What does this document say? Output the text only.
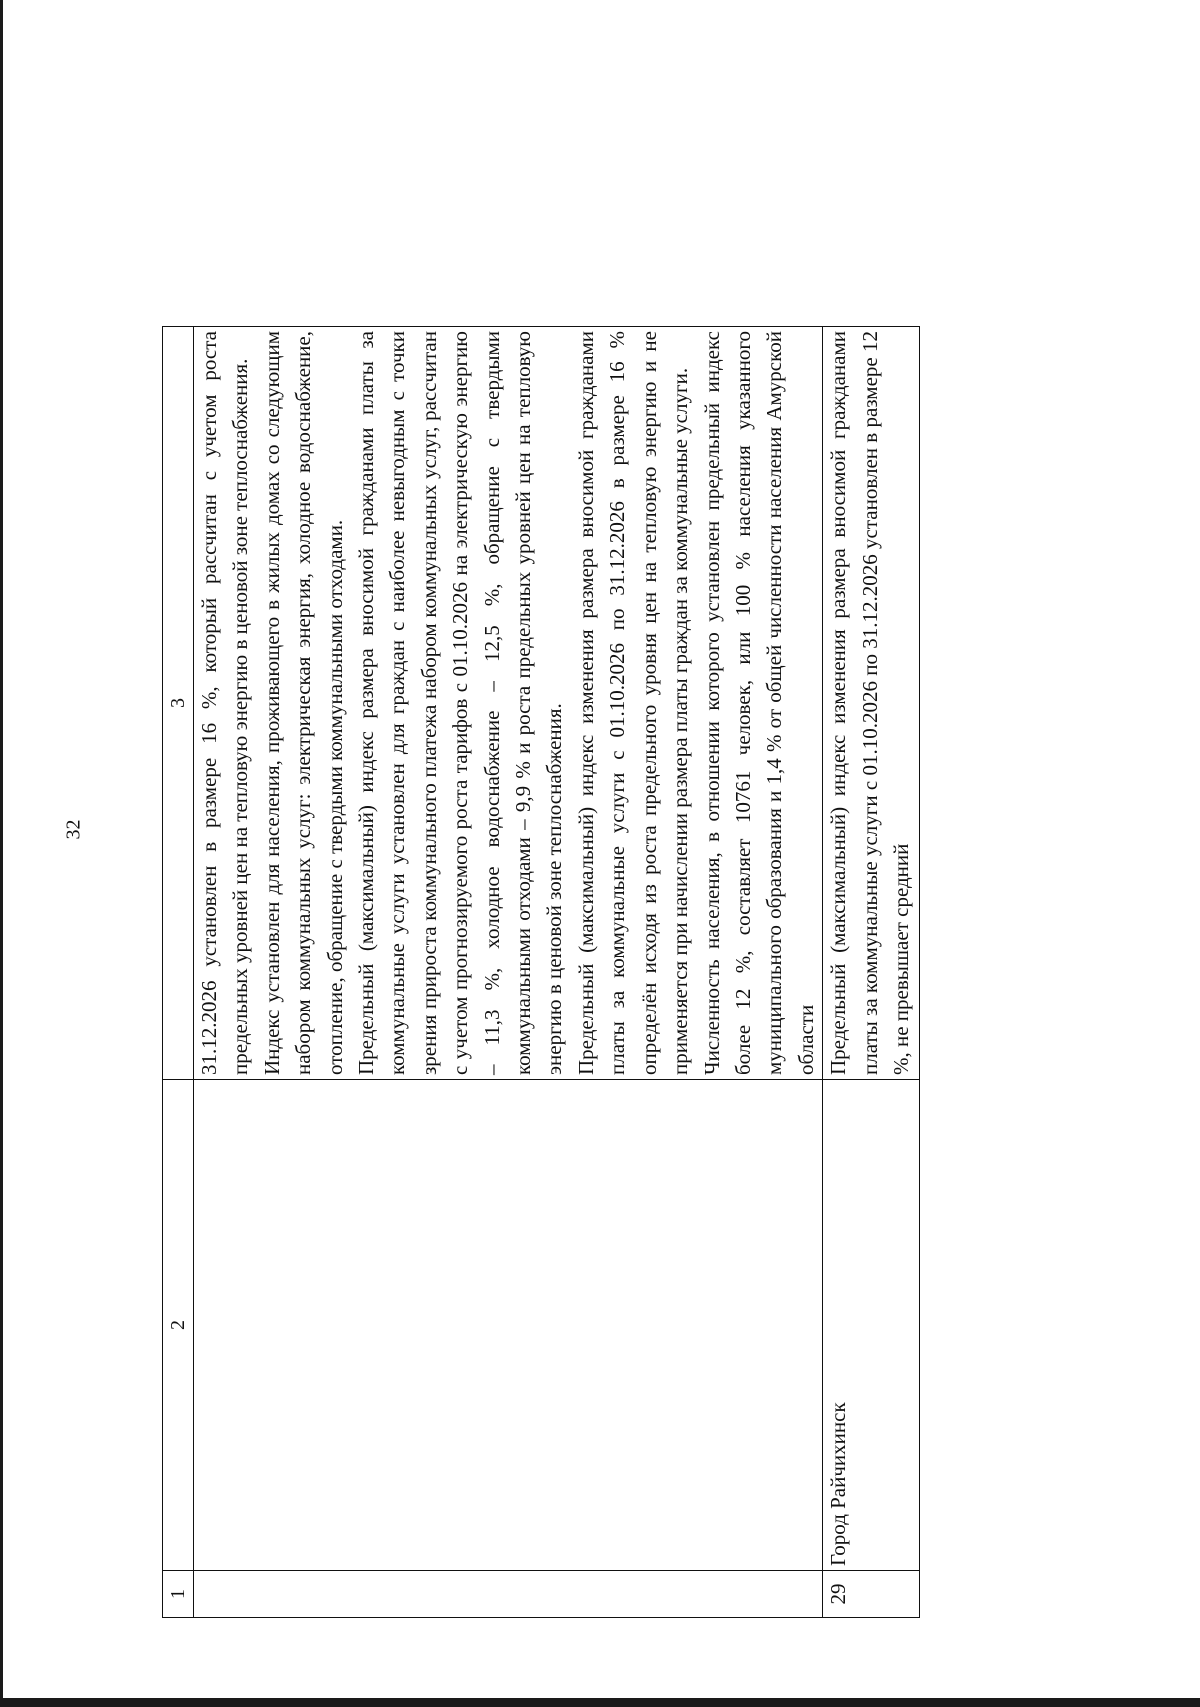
32
1	2	3

		31.12.2026 установлен в размере 16 %, который рассчитан с учетом роста предельных уровней цен на тепловую энергию в ценовой зоне теплоснабжения. Индекс установлен для населения, проживающего в жилых домах со следующим набором коммунальных услуг: электрическая энергия, холодное водоснабжение, отопление, обращение с твердыми коммунальными отходами. Предельный (максимальный) индекс размера вносимой гражданами платы за коммунальные услуги установлен для граждан с наиболее невыгодным с точки зрения прироста коммунального платежа набором коммунальных услуг, рассчитан с учетом прогнозируемого роста тарифов с 01.10.2026 на электрическую энергию – 11,3 %, холодное водоснабжение – 12,5 %, обращение с твердыми коммунальными отходами – 9,9 % и роста предельных уровней цен на тепловую энергию в ценовой зоне теплоснабжения. Предельный (максимальный) индекс изменения размера вносимой гражданами платы за коммунальные услуги с 01.10.2026 по 31.12.2026 в размере 16 % определён исходя из роста предельного уровня цен на тепловую энергию и не применяется при начислении размера платы граждан за коммунальные услуги. Численность населения, в отношении которого установлен предельный индекс более 12 %, составляет 10761 человек, или 100 % населения указанного муниципального образования и 1,4 % от общей численности населения Амурской области

29	Город Райчихинск	Предельный (максимальный) индекс изменения размера вносимой гражданами платы за коммунальные услуги с 01.10.2026 по 31.12.2026 установлен в размере 12 %, не превышает средний
